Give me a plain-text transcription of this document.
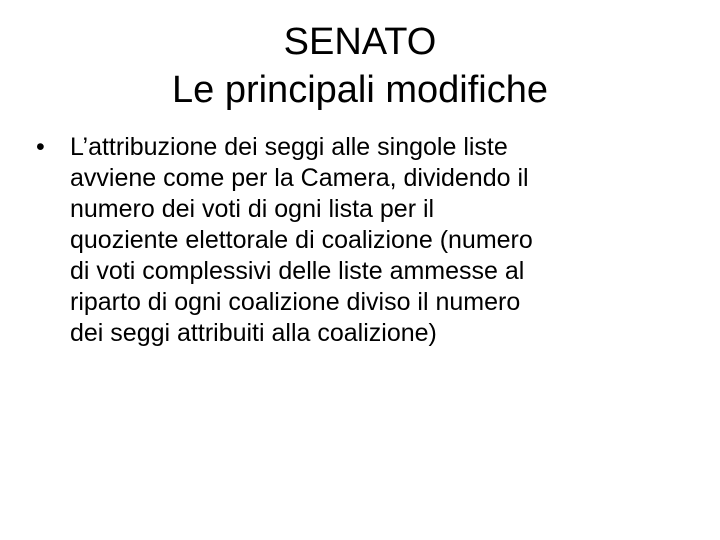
SENATO
Le principali modifiche
• L’attribuzione dei seggi alle singole liste
avviene come per la Camera, dividendo il
numero dei voti di ogni lista per il
quoziente elettorale di coalizione (numero
di voti complessivi delle liste ammesse al
riparto di ogni coalizione diviso il numero
dei seggi attribuiti alla coalizione)
